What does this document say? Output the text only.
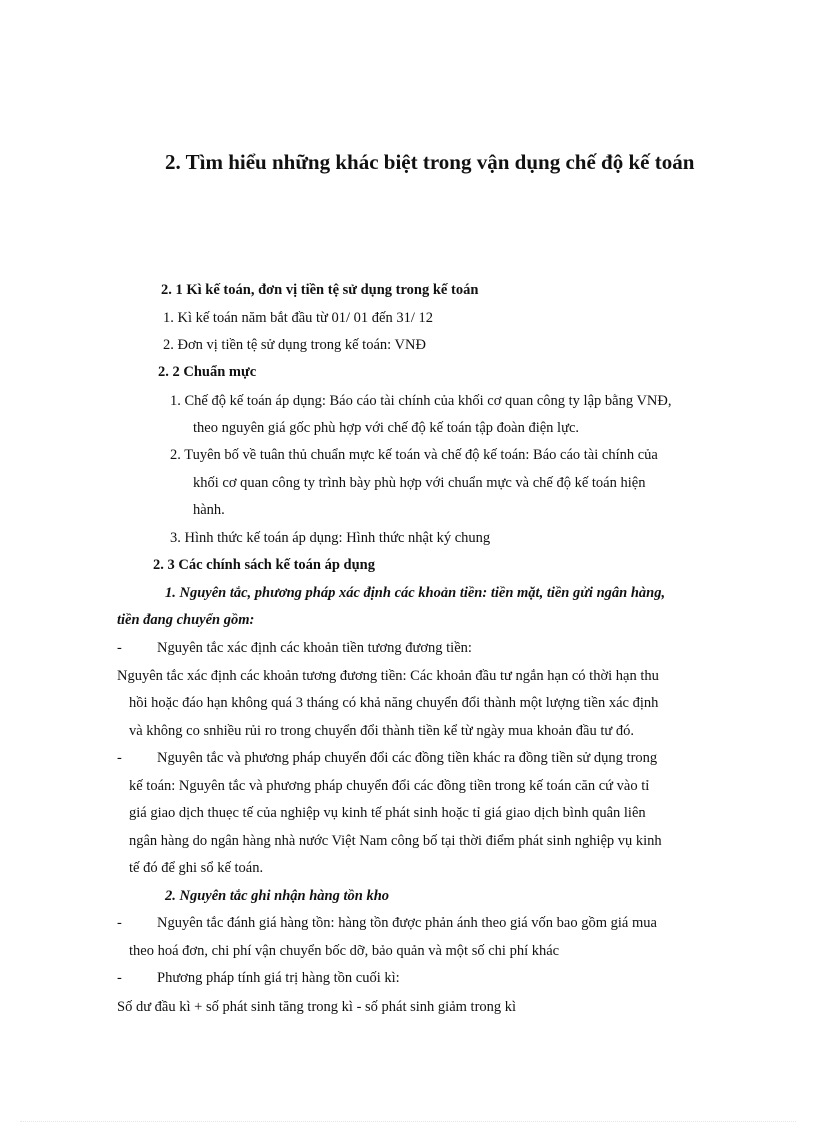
2. Tìm hiểu những khác biệt trong vận dụng chế độ kế toán
2. 1 Kì kế toán, đơn vị tiền tệ sử dụng trong kế toán
1. Kì kế toán năm bắt đầu từ 01/ 01 đến 31/ 12
2. Đơn vị tiền tệ sử dụng trong kế toán: VNĐ
2. 2 Chuẩn mực
1. Chế độ kế toán áp dụng: Báo cáo tài chính của khối cơ quan công ty lập bằng VNĐ,
theo nguyên giá gốc phù hợp với chế độ kế toán tập đoàn điện lực.
2. Tuyên bố về tuân thủ chuẩn mực kế toán và chế độ kế toán: Báo cáo tài chính của
khối cơ quan công ty trình bày phù hợp với chuẩn mực và chế độ kế toán hiện
hành.
3. Hình thức kế toán áp dụng: Hình thức nhật ký chung
2. 3 Các chính sách kế toán áp dụng
1. Nguyên tắc, phương pháp xác định các khoản tiền: tiền mặt, tiền gửi ngân hàng,
tiền đang chuyển gồm:
- Nguyên tắc xác định các khoản tiền tương đương tiền:
Nguyên tắc xác định các khoản tương đương tiền: Các khoản đầu tư ngắn hạn có thời hạn thu
hồi hoặc đáo hạn không quá 3 tháng có khả năng chuyển đổi thành một lượng tiền xác định
và không co snhiều rủi ro trong chuyển đổi thành tiền kể từ ngày mua khoản đầu tư đó.
- Nguyên tắc và phương pháp chuyển đổi các đồng tiền khác ra đồng tiền sử dụng trong
kế toán: Nguyên tắc và phương pháp chuyển đổi các đồng tiền trong kế toán căn cứ vào tỉ
giá giao dịch thuẹc tế của nghiệp vụ kinh tế phát sinh hoặc tỉ giá giao dịch bình quân liên
ngân hàng do ngân hàng nhà nước Việt Nam công bố tại thời điểm phát sinh nghiệp vụ kinh
tế đó để ghi sổ kế toán.
2. Nguyên tắc ghi nhận hàng tồn kho
- Nguyên tắc đánh giá hàng tồn: hàng tồn được phản ánh theo giá vốn bao gồm giá mua
theo hoá đơn, chi phí vận chuyển bốc dỡ, bảo quản và một số chi phí khác
- Phương pháp tính giá trị hàng tồn cuối kì:
Số dư đầu kì + số phát sinh tăng trong kì - số phát sinh giảm trong kì
